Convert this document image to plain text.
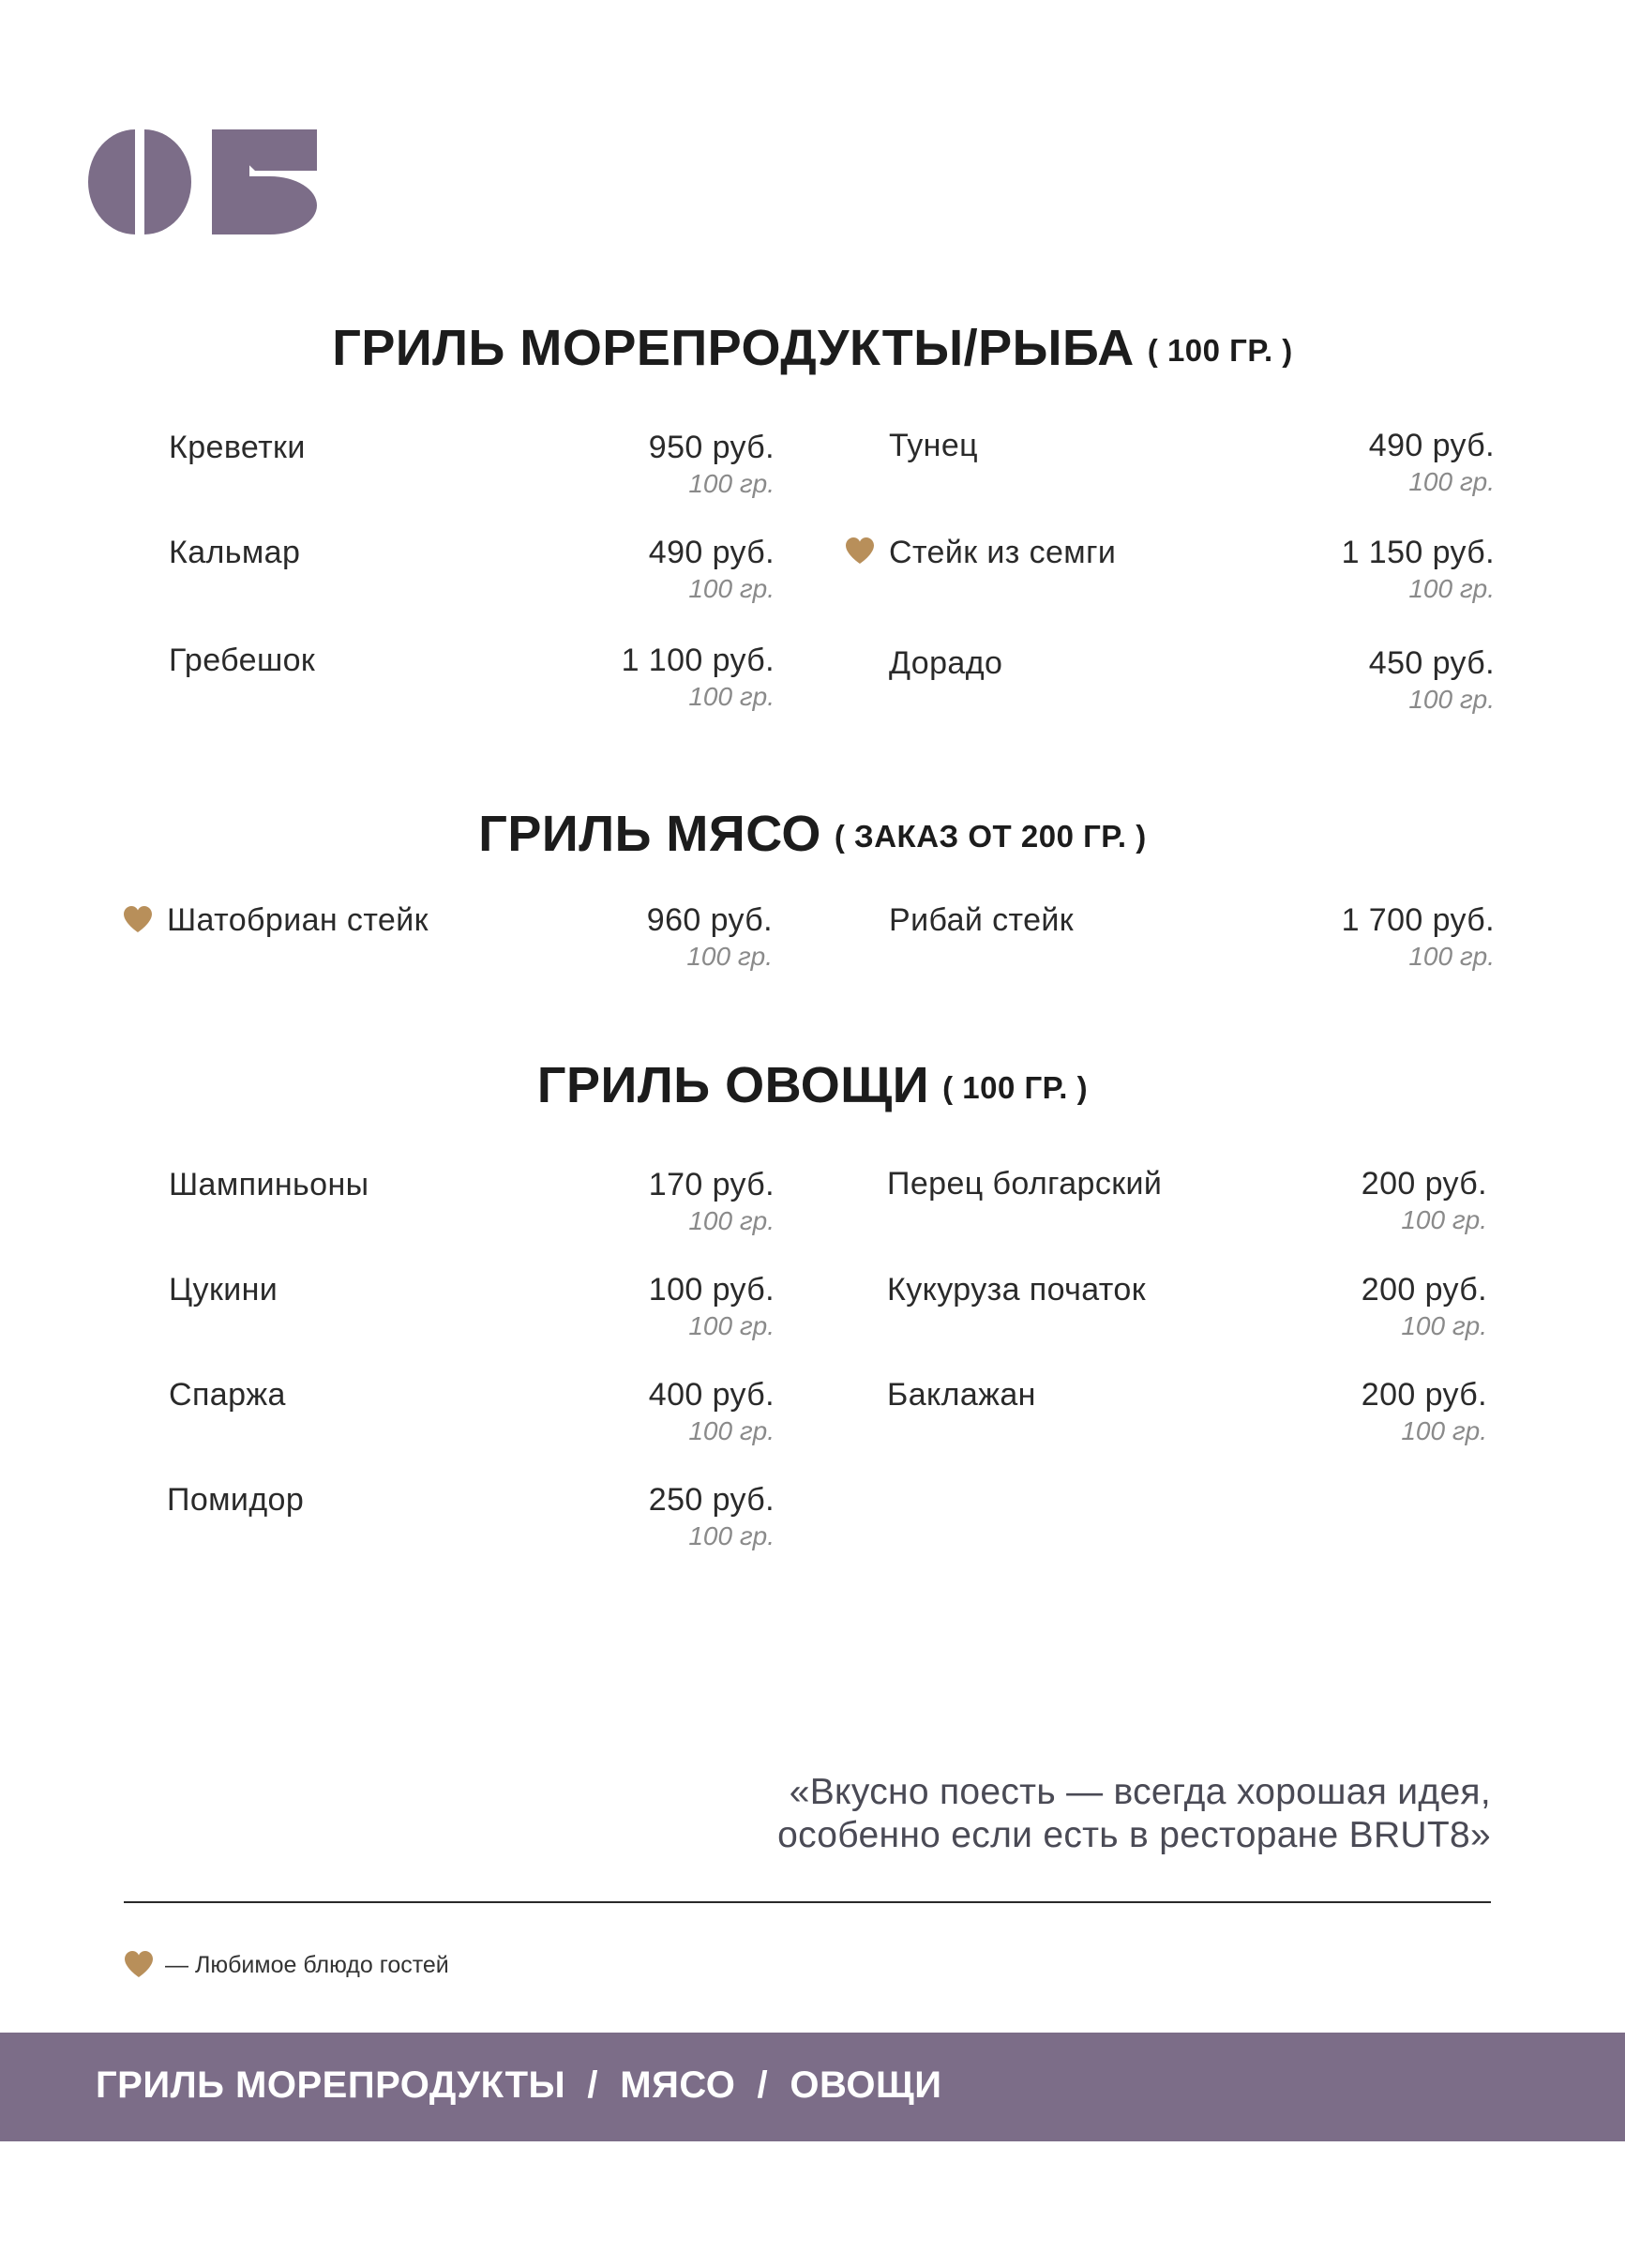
ГРИЛЬ МОРЕПРОДУКТЫ/РЫБА ( 100 ГР. )
Креветки	950 руб.
100 гр.
Кальмар	490 руб.
100 гр.
Гребешок	1 100 руб.
100 гр.
Тунец	490 руб.
100 гр.
Стейк из семги	1 150 руб.
100 гр.
Дорадо	450 руб.
100 гр.
ГРИЛЬ МЯСО ( ЗАКАЗ ОТ 200 ГР. )
Шатобриан стейк	960 руб.
100 гр.
Рибай стейк	1 700 руб.
100 гр.
ГРИЛЬ ОВОЩИ ( 100 ГР. )
Шампиньоны	170 руб.
100 гр.
Цукини	100 руб.
100 гр.
Спаржа	400 руб.
100 гр.
Помидор	250 руб.
100 гр.
Перец болгарский	200 руб.
100 гр.
Кукуруза початок	200 руб.
100 гр.
Баклажан	200 руб.
100 гр.
«Вкусно поесть — всегда хорошая идея,
особенно если есть в ресторане BRUT8»
— Любимое блюдо гостей
ГРИЛЬ МОРЕПРОДУКТЫ  /  МЯСО  /  ОВОЩИ
